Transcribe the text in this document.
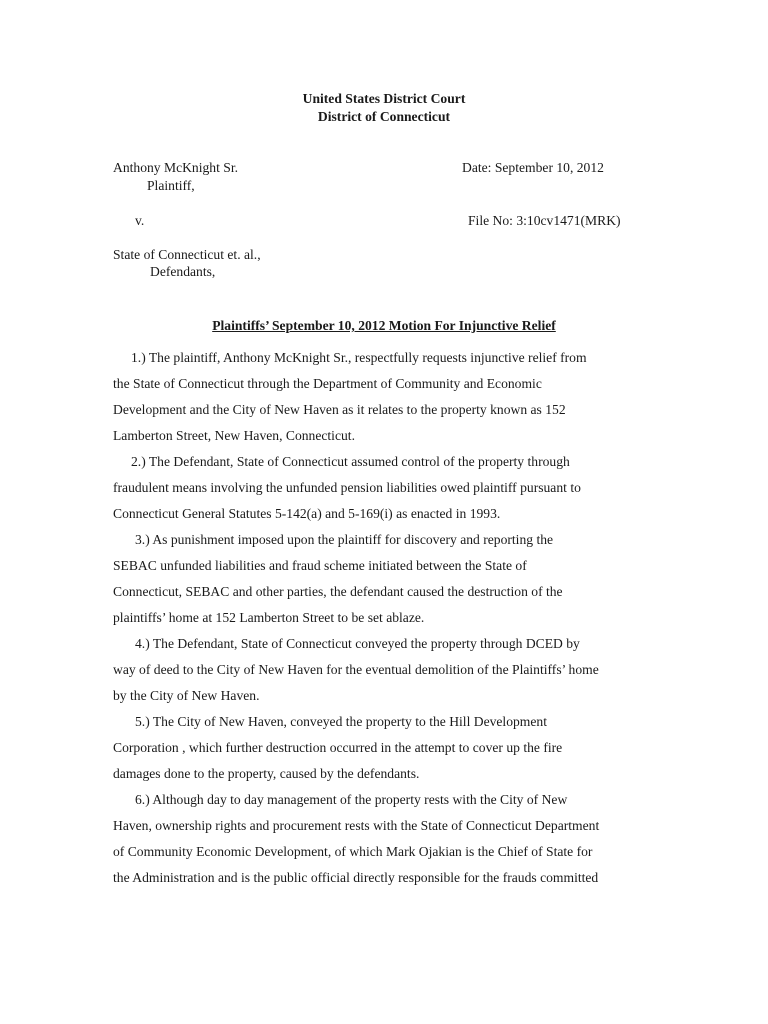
United States District Court
District of Connecticut
Anthony McKnight Sr.
Plaintiff,
Date: September 10, 2012
v.	File No: 3:10cv1471(MRK)
State of Connecticut et. al.,
Defendants,
Plaintiffs’ September 10, 2012 Motion For Injunctive Relief
1.) The plaintiff, Anthony McKnight Sr., respectfully requests injunctive relief from
the State of Connecticut through the Department of Community and Economic
Development and the City of New Haven as it relates to the property known as 152
Lamberton Street, New Haven, Connecticut.
2.) The Defendant, State of Connecticut assumed control of the property through
fraudulent means involving the unfunded pension liabilities owed plaintiff pursuant to
Connecticut General Statutes 5-142(a) and 5-169(i) as enacted in 1993.
3.) As punishment imposed upon the plaintiff for discovery and reporting the
SEBAC unfunded liabilities and fraud scheme initiated between the State of
Connecticut, SEBAC and other parties, the defendant caused the destruction of the
plaintiffs’ home at 152 Lamberton Street to be set ablaze.
4.) The Defendant, State of Connecticut conveyed the property through DCED by
way of deed to the City of New Haven for the eventual demolition of the Plaintiffs’ home
by the City of New Haven.
5.) The City of New Haven, conveyed the property to the Hill Development
Corporation , which further destruction occurred in the attempt to cover up the fire
damages done to the property, caused by the defendants.
6.) Although day to day management of the property rests with the City of New
Haven, ownership rights and procurement rests with the State of Connecticut Department
of Community Economic Development, of which Mark Ojakian is the Chief of State for
the Administration and is the public official directly responsible for the frauds committed
